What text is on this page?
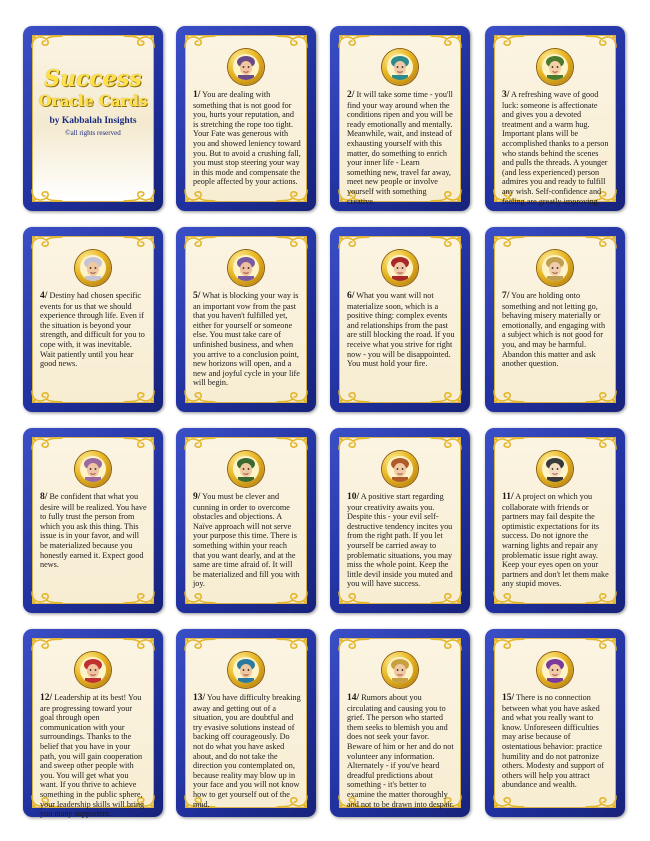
Success
Oracle Cards
by Kabbalah Insights
©all rights reserved
1/ You are dealing with something that is not good for you, hurts your reputation, and is stretching the rope too tight. Your Fate was generous with you and showed leniency toward you. But to avoid a crushing fall, you must stop steering your way in this mode and compensate the people affected by your actions.
2/ It will take some time - you'll find your way around when the conditions ripen and you will be ready emotionally and mentally. Meanwhile, wait, and instead of exhausting yourself with this matter, do something to enrich your inner life - Learn something new, travel far away, meet new people or involve yourself with something creative.
3/ A refreshing wave of good luck: someone is affectionate and gives you a devoted treatment and a warm hug. Important plans will be accomplished thanks to a person who stands behind the scenes and pulls the threads. A younger (and less experienced) person admires you and ready to fulfill any wish. Self-confidence and feeling are greatly improving.
4/ Destiny had chosen specific events for us that we should experience through life. Even if the situation is beyond your strength, and difficult for you to cope with, it was inevitable. Wait patiently until you hear good news.
5/ What is blocking your way is an important vow from the past that you haven't fulfilled yet, either for yourself or someone else. You must take care of unfinished business, and when you arrive to a conclusion point, new horizons will open, and a new and joyful cycle in your life will begin.
6/ What you want will not materialize soon, which is a positive thing: complex events and relationships from the past are still blocking the road. If you receive what you strive for right now - you will be disappointed. You must hold your fire.
7/ You are holding onto something and not letting go, behaving misery materially or emotionally, and engaging with a subject which is not good for you, and may be harmful. Abandon this matter and ask another question.
8/ Be confident that what you desire will be realized. You have to fully trust the person from which you ask this thing. This issue is in your favor, and will be materialized because you honestly earned it. Expect good news.
9/ You must be clever and cunning in order to overcome obstacles and objections. A Naïve approach will not serve your purpose this time. There is something within your reach that you want dearly, and at the same are time afraid of. It will be materialized and fill you with joy.
10/ A positive start regarding your creativity awaits you. Despite this - your evil self-destructive tendency incites you from the right path. If you let yourself be carried away to problematic situations, you may miss the whole point. Keep the little devil inside you muted and you will have success.
11/ A project on which you collaborate with friends or partners may fail despite the optimistic expectations for its success. Do not ignore the warning lights and repair any problematic issue right away. Keep your eyes open on your partners and don't let them make any stupid moves.
12/ Leadership at its best! You are progressing toward your goal through open communication with your surroundings. Thanks to the belief that you have in your path, you will gain cooperation and sweep other people with you. You will get what you want. If you thrive to achieve something in the public sphere, your leadership skills will bring you many supporters.
13/ You have difficulty breaking away and getting out of a situation, you are doubtful and try evasive solutions instead of backing off courageously. Do not do what you have asked about, and do not take the direction you contemplated on, because reality may blow up in your face and you will not know how to get yourself out of the mud.
14/ Rumors about you circulating and causing you to grief. The person who started them seeks to blemish you and does not seek your favor. Beware of him or her and do not volunteer any information. Alternately - if you've heard dreadful predictions about something - it's better to examine the matter thoroughly and not to be drawn into despair.
15/ There is no connection between what you have asked and what you really want to know. Unforeseen difficulties may arise because of ostentatious behavior: practice humility and do not patronize others. Modesty and support of others will help you attract abundance and wealth.
